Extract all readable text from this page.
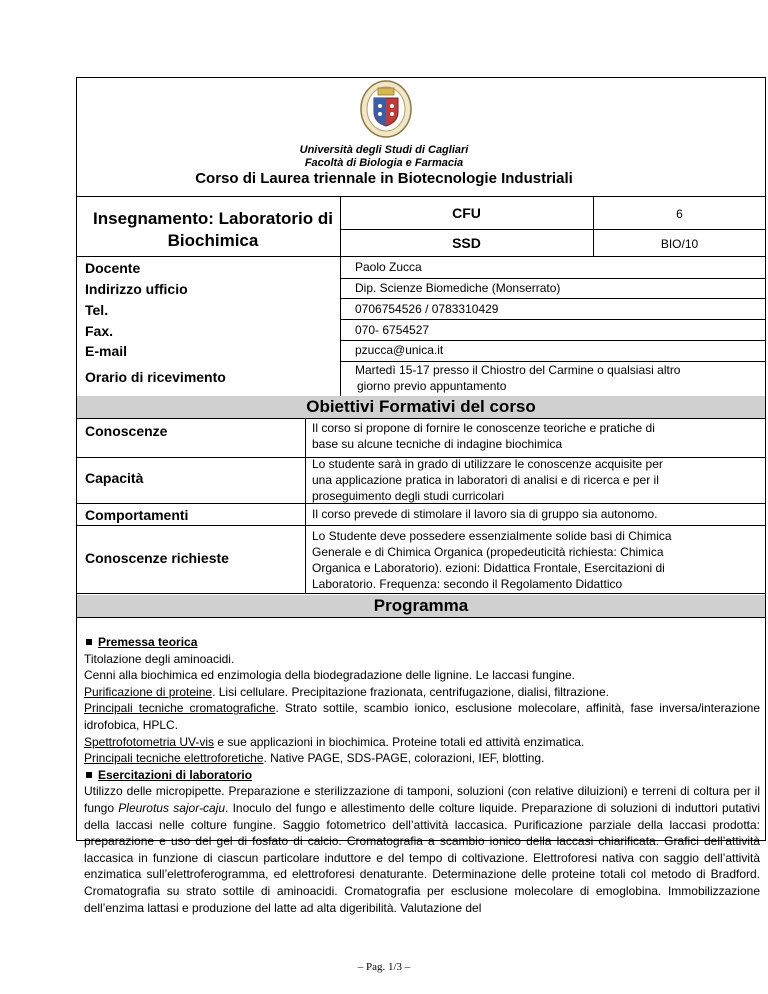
Università degli Studi di Cagliari
Facoltà di Biologia e Farmacia
Corso di Laurea triennale in Biotecnologie Industriali
Obiettivi Formativi del corso
Programma
Insegnamento: Laboratorio di Biochimica
CFU	6
SSD	BIO/10
Docente
Indirizzo ufficio
Tel.
Fax.
E-mail
Orario di ricevimento
Paolo Zucca
Dip. Scienze Biomediche (Monserrato)
0706754526 / 0783310429
070- 6754527
pzucca@unica.it
Martedì 15-17 presso il Chiostro del Carmine o qualsiasi altro
giorno previo appuntamento
Conoscenze
Capacità
Comportamenti
Conoscenze richieste
Il corso si propone di fornire le conoscenze teoriche e pratiche di
base su alcune tecniche di indagine biochimica
Lo studente sarà in grado di utilizzare le conoscenze acquisite per
una applicazione pratica in laboratori di analisi e di ricerca e per il
proseguimento degli studi curricolari
Il corso prevede di stimolare il lavoro sia di gruppo sia autonomo.
Lo Studente deve possedere essenzialmente solide basi di Chimica
Generale e di Chimica Organica (propedeuticità richiesta: Chimica
Organica e Laboratorio). ezioni: Didattica Frontale, Esercitazioni di
Laboratorio. Frequenza: secondo il Regolamento Didattico

Premessa teorica

Titolazione degli aminoacidi.

Cenni alla biochimica ed enzimologia della biodegradazione delle lignine. Le laccasi fungine.

Purificazione di proteine. Lisi cellulare. Precipitazione frazionata, centrifugazione, dialisi, filtrazione.

Principali tecniche cromatografiche. Strato sottile, scambio ionico, esclusione molecolare, affinità, fase inversa/interazione idrofobica, HPLC.

Spettrofotometria UV-vis e sue applicazioni in biochimica. Proteine totali ed attività enzimatica.

Principali tecniche elettroforetiche. Native PAGE, SDS-PAGE, colorazioni, IEF, blotting.

Esercitazioni di laboratorio

Utilizzo delle micropipette. Preparazione e sterilizzazione di tamponi, soluzioni (con relative diluizioni) e terreni di coltura per il fungo Pleurotus sajor-caju. Inoculo del fungo e allestimento delle colture liquide. Preparazione di soluzioni di induttori putativi della laccasi nelle colture fungine. Saggio fotometrico dell’attività laccasica. Purificazione parziale della laccasi prodotta: preparazione e uso del gel di fosfato di calcio. Cromatografia a scambio ionico della laccasi chiarificata. Grafici dell’attività laccasica in funzione di ciascun particolare induttore e del tempo di coltivazione. Elettroforesi nativa con saggio dell’attività enzimatica sull’elettroferogramma, ed elettroforesi denaturante. Determinazione delle proteine totali col metodo di Bradford. Cromatografia su strato sottile di aminoacidi. Cromatografia per esclusione molecolare di emoglobina. Immobilizzazione dell’enzima lattasi e produzione del latte ad alta digeribilità. Valutazione del

– Pag. 1/3 –
